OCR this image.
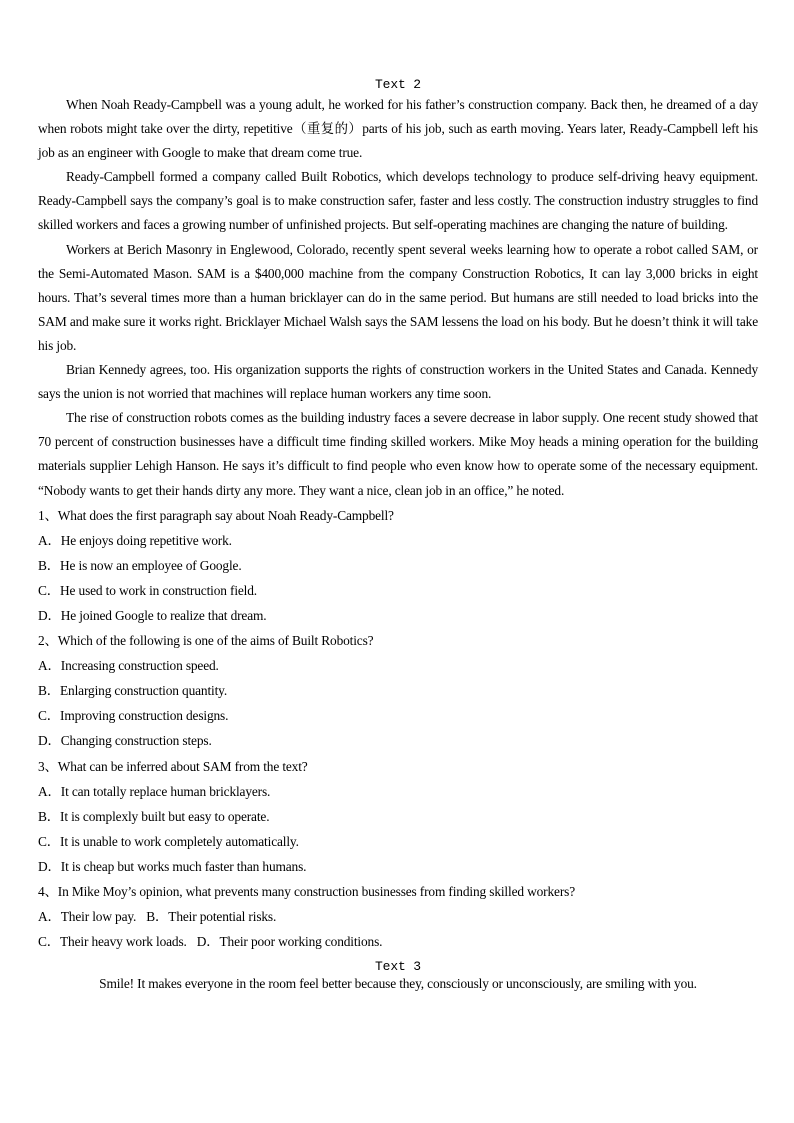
Text 2

When Noah Ready-Campbell was a young adult, he worked for his father’s construction company. Back then, he dreamed of a day when robots might take over the dirty, repetitive（重复的）parts of his job, such as earth moving. Years later, Ready-Campbell left his job as an engineer with Google to make that dream come true.

Ready-Campbell formed a company called Built Robotics, which develops technology to produce self-driving heavy equipment. Ready-Campbell says the company’s goal is to make construction safer, faster and less costly. The construction industry struggles to find skilled workers and faces a growing number of unfinished projects. But self-operating machines are changing the nature of building.

Workers at Berich Masonry in Englewood, Colorado, recently spent several weeks learning how to operate a robot called SAM, or the Semi-Automated Mason. SAM is a $400,000 machine from the company Construction Robotics, It can lay 3,000 bricks in eight hours. That’s several times more than a human bricklayer can do in the same period. But humans are still needed to load bricks into the SAM and make sure it works right. Bricklayer Michael Walsh says the SAM lessens the load on his body. But he doesn’t think it will take his job.

Brian Kennedy agrees, too. His organization supports the rights of construction workers in the United States and Canada. Kennedy says the union is not worried that machines will replace human workers any time soon.

The rise of construction robots comes as the building industry faces a severe decrease in labor supply. One recent study showed that 70 percent of construction businesses have a difficult time finding skilled workers. Mike Moy heads a mining operation for the building materials supplier Lehigh Hanson. He says it’s difficult to find people who even know how to operate some of the necessary equipment. “Nobody wants to get their hands dirty any more. They want a nice, clean job in an office,” he noted.

1、What does the first paragraph say about Noah Ready-Campbell?

A．He enjoys doing repetitive work.

B．He is now an employee of Google.

C．He used to work in construction field.

D．He joined Google to realize that dream.

2、Which of the following is one of the aims of Built Robotics?

A．Increasing construction speed.

B．Enlarging construction quantity.

C．Improving construction designs.

D．Changing construction steps.

3、What can be inferred about SAM from the text?

A．It can totally replace human bricklayers.

B．It is complexly built but easy to operate.

C．It is unable to work completely automatically.

D．It is cheap but works much faster than humans.

4、In Mike Moy’s opinion, what prevents many construction businesses from finding skilled workers?

A．Their low pay. B．Their potential risks.

C．Their heavy work loads. D．Their poor working conditions.

Text 3

Smile! It makes everyone in the room feel better because they, consciously or unconsciously, are smiling with you.
